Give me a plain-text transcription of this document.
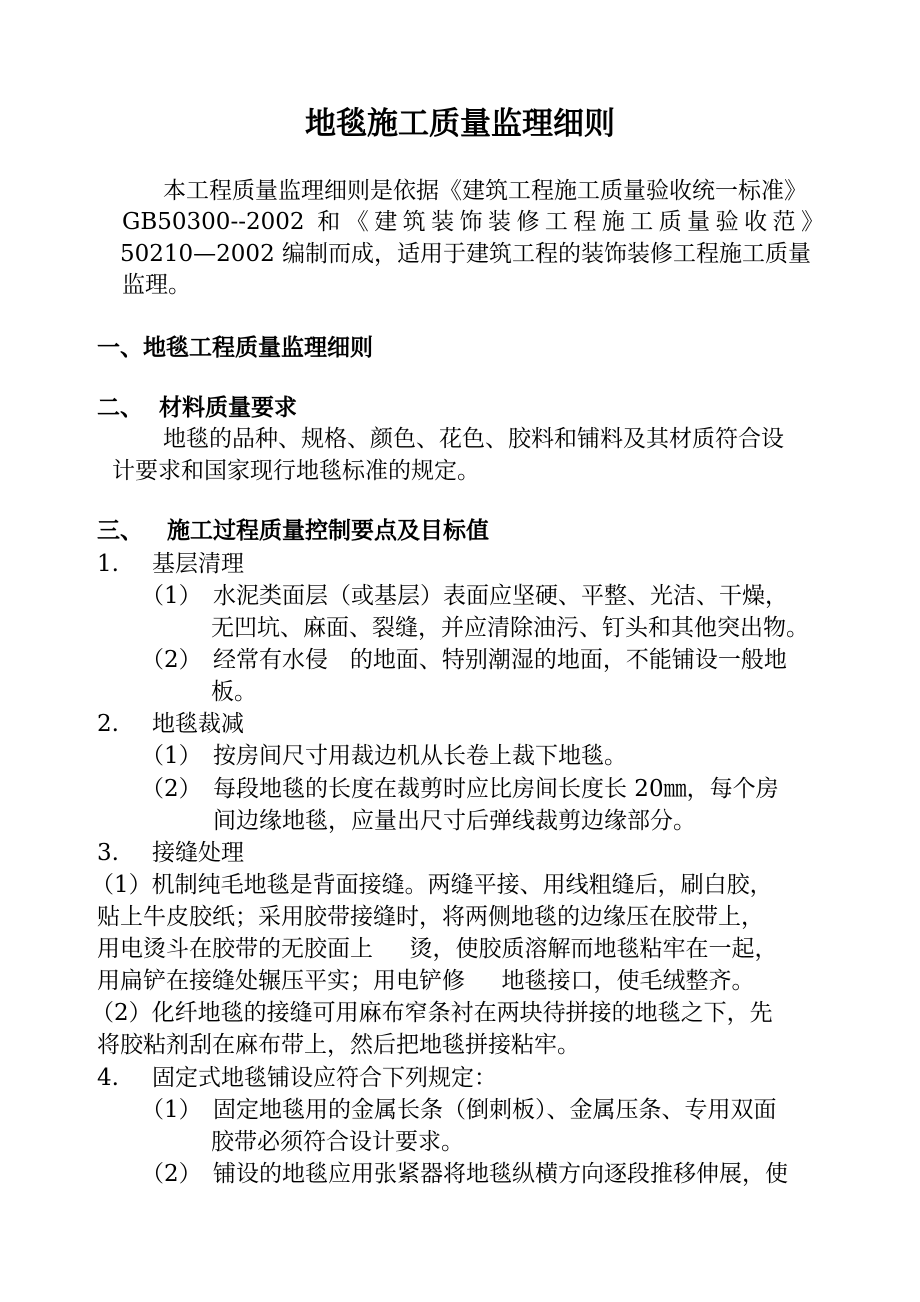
地毯施工质量监理细则
本工程质量监理细则是依据《建筑工程施工质量验收统一标准》
GB50300--2002 和《建筑装饰装修工程施工质量验收范》
50210—2002 编制而成，适用于建筑工程的装饰装修工程施工质量
监理。
一、地毯工程质量监理细则
二、  材料质量要求
地毯的品种、规格、颜色、花色、胶料和铺料及其材质符合设
计要求和国家现行地毯标准的规定。
三、   施工过程质量控制要点及目标值
1. 基层清理
（1） 水泥类面层（或基层）表面应坚硬、平整、光洁、干燥，
无凹坑、麻面、裂缝，并应清除油污、钉头和其他突出物。
（2） 经常有水侵   的地面、特别潮湿的地面，不能铺设一般地
板。
2. 地毯裁减
（1） 按房间尺寸用裁边机从长卷上裁下地毯。
（2） 每段地毯的长度在裁剪时应比房间长度长 20㎜，每个房
间边缘地毯，应量出尺寸后弹线裁剪边缘部分。
3. 接缝处理
（1）机制纯毛地毯是背面接缝。两缝平接、用线粗缝后，刷白胶，
贴上牛皮胶纸；采用胶带接缝时，将两侧地毯的边缘压在胶带上，
用电烫斗在胶带的无胶面上     烫，使胶质溶解而地毯粘牢在一起，
用扁铲在接缝处辗压平实；用电铲修     地毯接口，使毛绒整齐。
（2）化纤地毯的接缝可用麻布窄条衬在两块待拼接的地毯之下，先
将胶粘剂刮在麻布带上，然后把地毯拼接粘牢。
4. 固定式地毯铺设应符合下列规定：
（1） 固定地毯用的金属长条（倒刺板）、金属压条、专用双面
胶带必须符合设计要求。
（2） 铺设的地毯应用张紧器将地毯纵横方向逐段推移伸展，使
